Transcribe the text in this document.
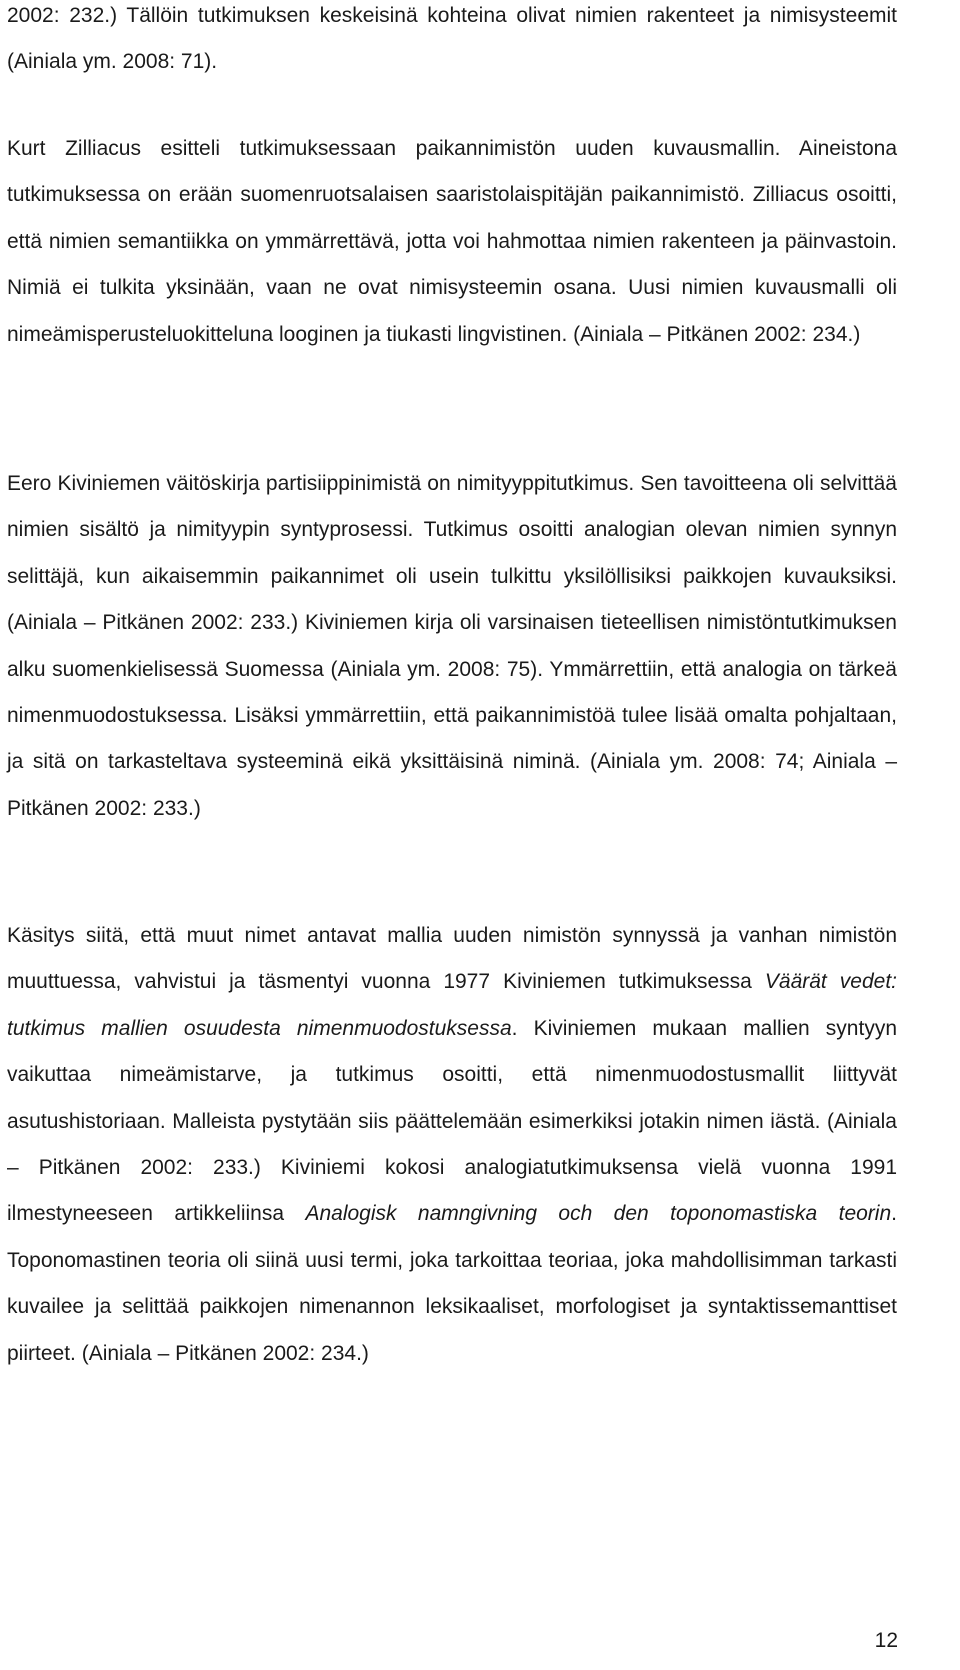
2002: 232.) Tällöin tutkimuksen keskeisinä kohteina olivat nimien rakenteet ja nimisysteemit (Ainiala ym. 2008: 71).

Kurt Zilliacus esitteli tutkimuksessaan paikannimistön uuden kuvausmallin. Aineistona tutkimuksessa on erään suomenruotsalaisen saaristolaispitäjän paikannimistö. Zilliacus osoitti, että nimien semantiikka on ymmärrettävä, jotta voi hahmottaa nimien rakenteen ja päinvastoin. Nimiä ei tulkita yksinään, vaan ne ovat nimisysteemin osana. Uusi nimien kuvausmalli oli nimeämisperusteluokitteluna looginen ja tiukasti lingvistinen. (Ainiala – Pitkänen 2002: 234.)

Eero Kiviniemen väitöskirja partisiippinimistä on nimityyppitutkimus. Sen tavoitteena oli selvittää nimien sisältö ja nimityypin syntyprosessi. Tutkimus osoitti analogian olevan nimien synnyn selittäjä, kun aikaisemmin paikannimet oli usein tulkittu yksilöllisiksi paikkojen kuvauksiksi. (Ainiala – Pitkänen 2002: 233.) Kiviniemen kirja oli varsinaisen tieteellisen nimistöntutkimuksen alku suomenkielisessä Suomessa (Ainiala ym. 2008: 75). Ymmärrettiin, että analogia on tärkeä nimenmuodostuksessa. Lisäksi ymmärrettiin, että paikannimistöä tulee lisää omalta pohjaltaan, ja sitä on tarkasteltava systeeminä eikä yksittäisinä niminä. (Ainiala ym. 2008: 74; Ainiala – Pitkänen 2002: 233.)

Käsitys siitä, että muut nimet antavat mallia uuden nimistön synnyssä ja vanhan nimistön muuttuessa, vahvistui ja täsmentyi vuonna 1977 Kiviniemen tutkimuksessa Väärät vedet: tutkimus mallien osuudesta nimenmuodostuksessa. Kiviniemen mukaan mallien syntyyn vaikuttaa nimeämistarve, ja tutkimus osoitti, että nimenmuodostusmallit liittyvät asutushistoriaan. Malleista pystytään siis päättelemään esimerkiksi jotakin nimen iästä. (Ainiala – Pitkänen 2002: 233.) Kiviniemi kokosi analogiatutkimuksensa vielä vuonna 1991 ilmestyneeseen artikkeliinsa Analogisk namngivning och den toponomastiska teorin. Toponomastinen teoria oli siinä uusi termi, joka tarkoittaa teoriaa, joka mahdollisimman tarkasti kuvailee ja selittää paikkojen nimenannon leksikaaliset, morfologiset ja syntaktissemanttiset piirteet. (Ainiala – Pitkänen 2002: 234.)

12
